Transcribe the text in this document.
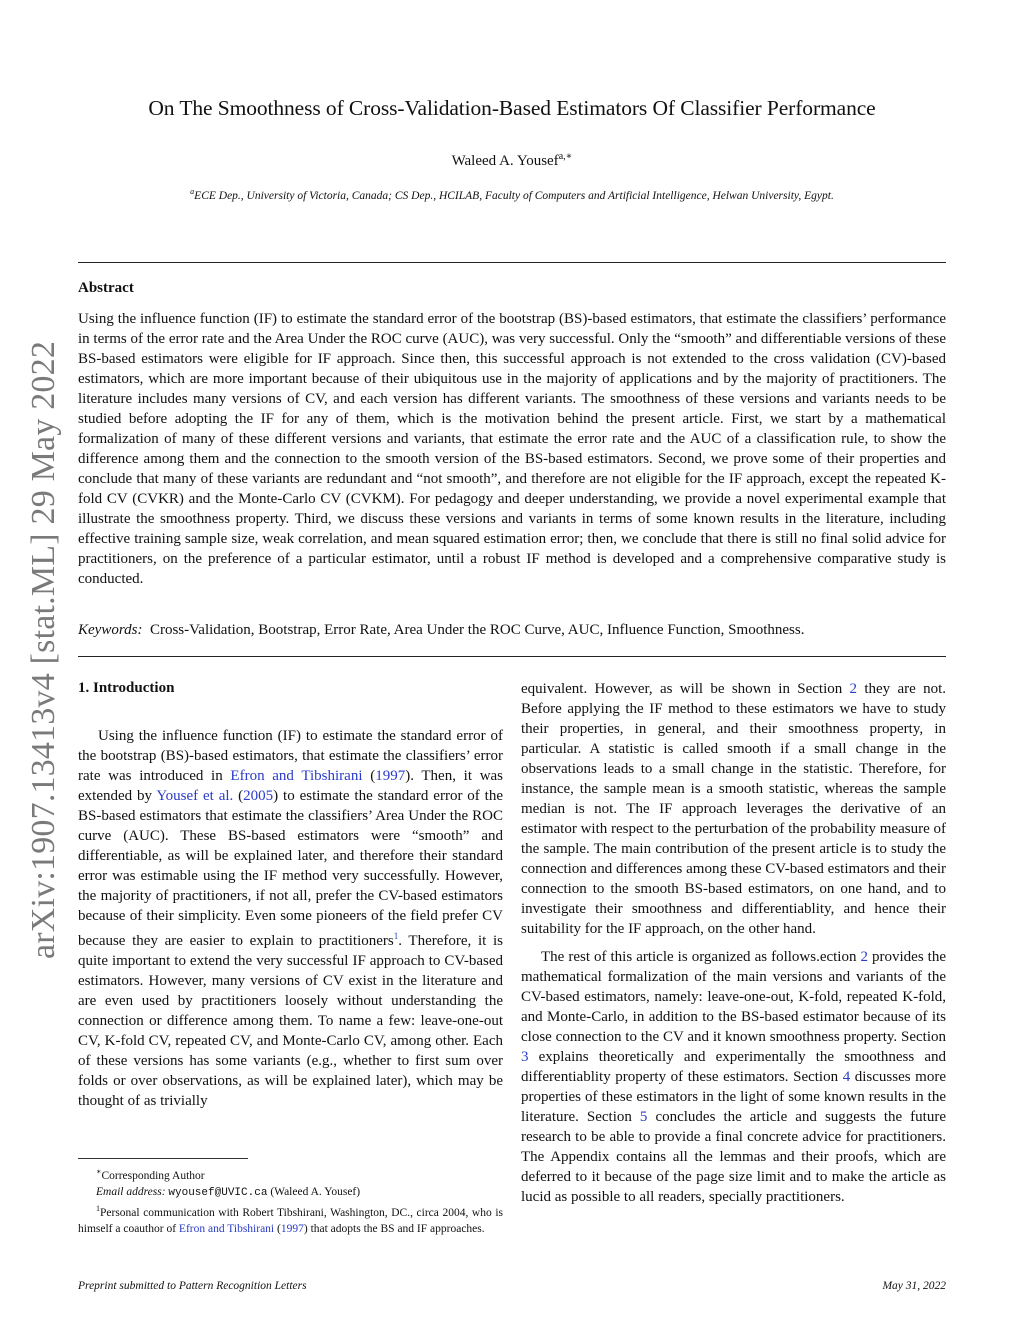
arXiv:1907.13413v4 [stat.ML] 29 May 2022
On The Smoothness of Cross-Validation-Based Estimators Of Classifier Performance
Waleed A. Yousef$^{a,∗}$
$^a$ECE Dep., University of Victoria, Canada; CS Dep., HCILAB, Faculty of Computers and Artificial Intelligence, Helwan University, Egypt.
Abstract

Using the influence function (IF) to estimate the standard error of the bootstrap (BS)-based estimators, that estimate the classifiers’ performance in terms of the error rate and the Area Under the ROC curve (AUC), was very successful. Only the “smooth” and differentiable versions of these BS-based estimators were eligible for IF approach. Since then, this successful approach is not extended to the cross validation (CV)-based estimators, which are more important because of their ubiquitous use in the majority of applications and by the majority of practitioners. The literature includes many versions of CV, and each version has different variants. The smoothness of these versions and variants needs to be studied before adopting the IF for any of them, which is the motivation behind the present article. First, we start by a mathematical formalization of many of these different versions and variants, that estimate the error rate and the AUC of a classification rule, to show the difference among them and the connection to the smooth version of the BS-based estimators. Second, we prove some of their properties and conclude that many of these variants are redundant and “not smooth”, and therefore are not eligible for the IF approach, except the repeated K-fold CV (CVKR) and the Monte-Carlo CV (CVKM). For pedagogy and deeper understanding, we provide a novel experimental example that illustrate the smoothness property. Third, we discuss these versions and variants in terms of some known results in the literature, including effective training sample size, weak correlation, and mean squared estimation error; then, we conclude that there is still no final solid advice for practitioners, on the preference of a particular estimator, until a robust IF method is developed and a comprehensive comparative study is conducted.

Keywords: Cross-Validation, Bootstrap, Error Rate, Area Under the ROC Curve, AUC, Influence Function, Smoothness.
1. Introduction

Using the influence function (IF) to estimate the standard error of the bootstrap (BS)-based estimators, that estimate the classifiers’ error rate was introduced in Efron and Tibshirani (1997). Then, it was extended by Yousef et al. (2005) to estimate the standard error of the BS-based estimators that estimate the classifiers’ Area Under the ROC curve (AUC). These BS-based estimators were “smooth” and differentiable, as will be explained later, and therefore their standard error was estimable using the IF method very successfully. However, the majority of practitioners, if not all, prefer the CV-based estimators because of their simplicity. Even some pioneers of the field prefer CV because they are easier to explain to practitioners$^1$. Therefore, it is quite important to extend the very successful IF approach to CV-based estimators. However, many versions of CV exist in the literature and are even used by practitioners loosely without understanding the connection or difference among them. To name a few: leave-one-out CV, K-fold CV, repeated CV, and Monte-Carlo CV, among other. Each of these versions has some variants (e.g., whether to first sum over folds or over observations, as will be explained later), which may be thought of as trivially

equivalent. However, as will be shown in Section 2 they are not. Before applying the IF method to these estimators we have to study their properties, in general, and their smoothness property, in particular. A statistic is called smooth if a small change in the observations leads to a small change in the statistic. Therefore, for instance, the sample mean is a smooth statistic, whereas the sample median is not. The IF approach leverages the derivative of an estimator with respect to the perturbation of the probability measure of the sample. The main contribution of the present article is to study the connection and differences among these CV-based estimators and their connection to the smooth BS-based estimators, on one hand, and to investigate their smoothness and differentiablity, and hence their suitability for the IF approach, on the other hand.

The rest of this article is organized as follows.ection 2 provides the mathematical formalization of the main versions and variants of the CV-based estimators, namely: leave-one-out, K-fold, repeated K-fold, and Monte-Carlo, in addition to the BS-based estimator because of its close connection to the CV and it known smoothness property. Section 3 explains theoretically and experimentally the smoothness and differentiablity property of these estimators. Section 4 discusses more properties of these estimators in the light of some known results in the literature. Section 5 concludes the article and suggests the future research to be able to provide a final concrete advice for practitioners. The Appendix contains all the lemmas and their proofs, which are deferred to it because of the page size limit and to make the article as lucid as possible to all readers, specially practitioners.

∗Corresponding Author

Email address: wyousef@UVIC.ca (Waleed A. Yousef)

$^1$Personal communication with Robert Tibshirani, Washington, DC., circa 2004, who is himself a coauthor of Efron and Tibshirani (1997) that adopts the BS and IF approaches.

Preprint submitted to Pattern Recognition Letters	May 31, 2022
